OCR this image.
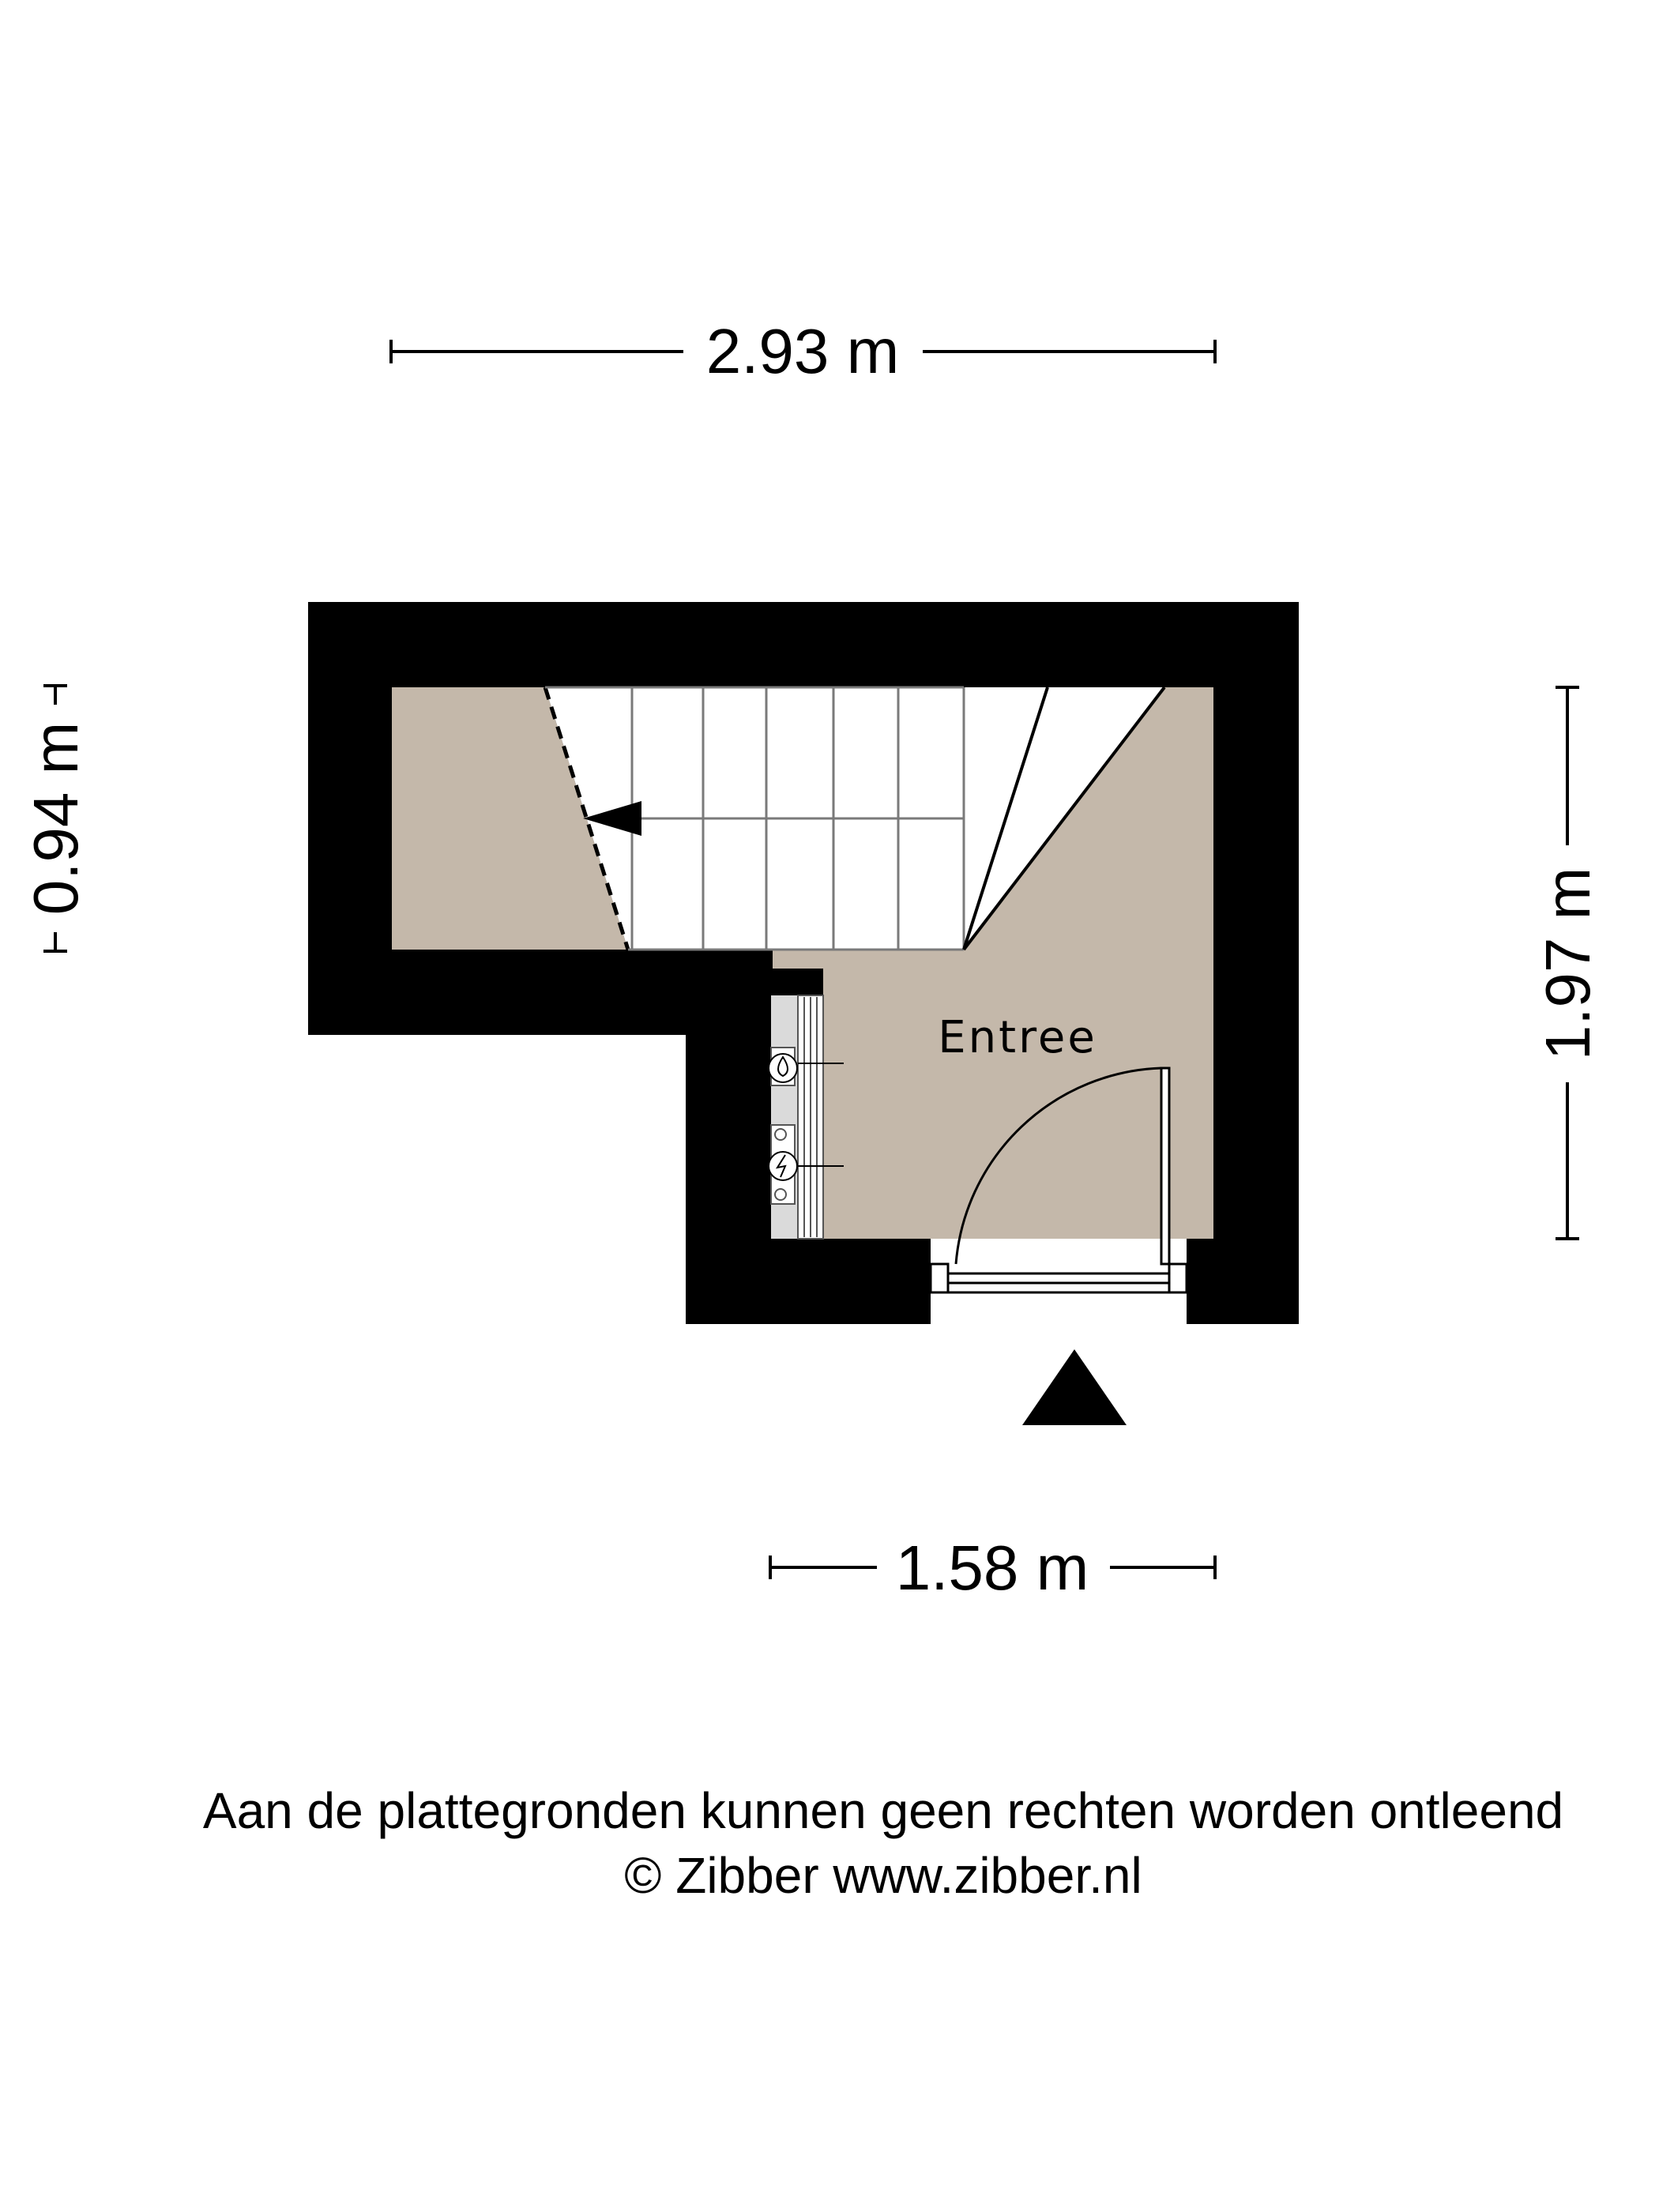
2.93 m
0.94 m
1.97 m
Entree
1.58 m
Aan de plattegronden kunnen geen rechten worden ontleend
© Zibber www.zibber.nl
